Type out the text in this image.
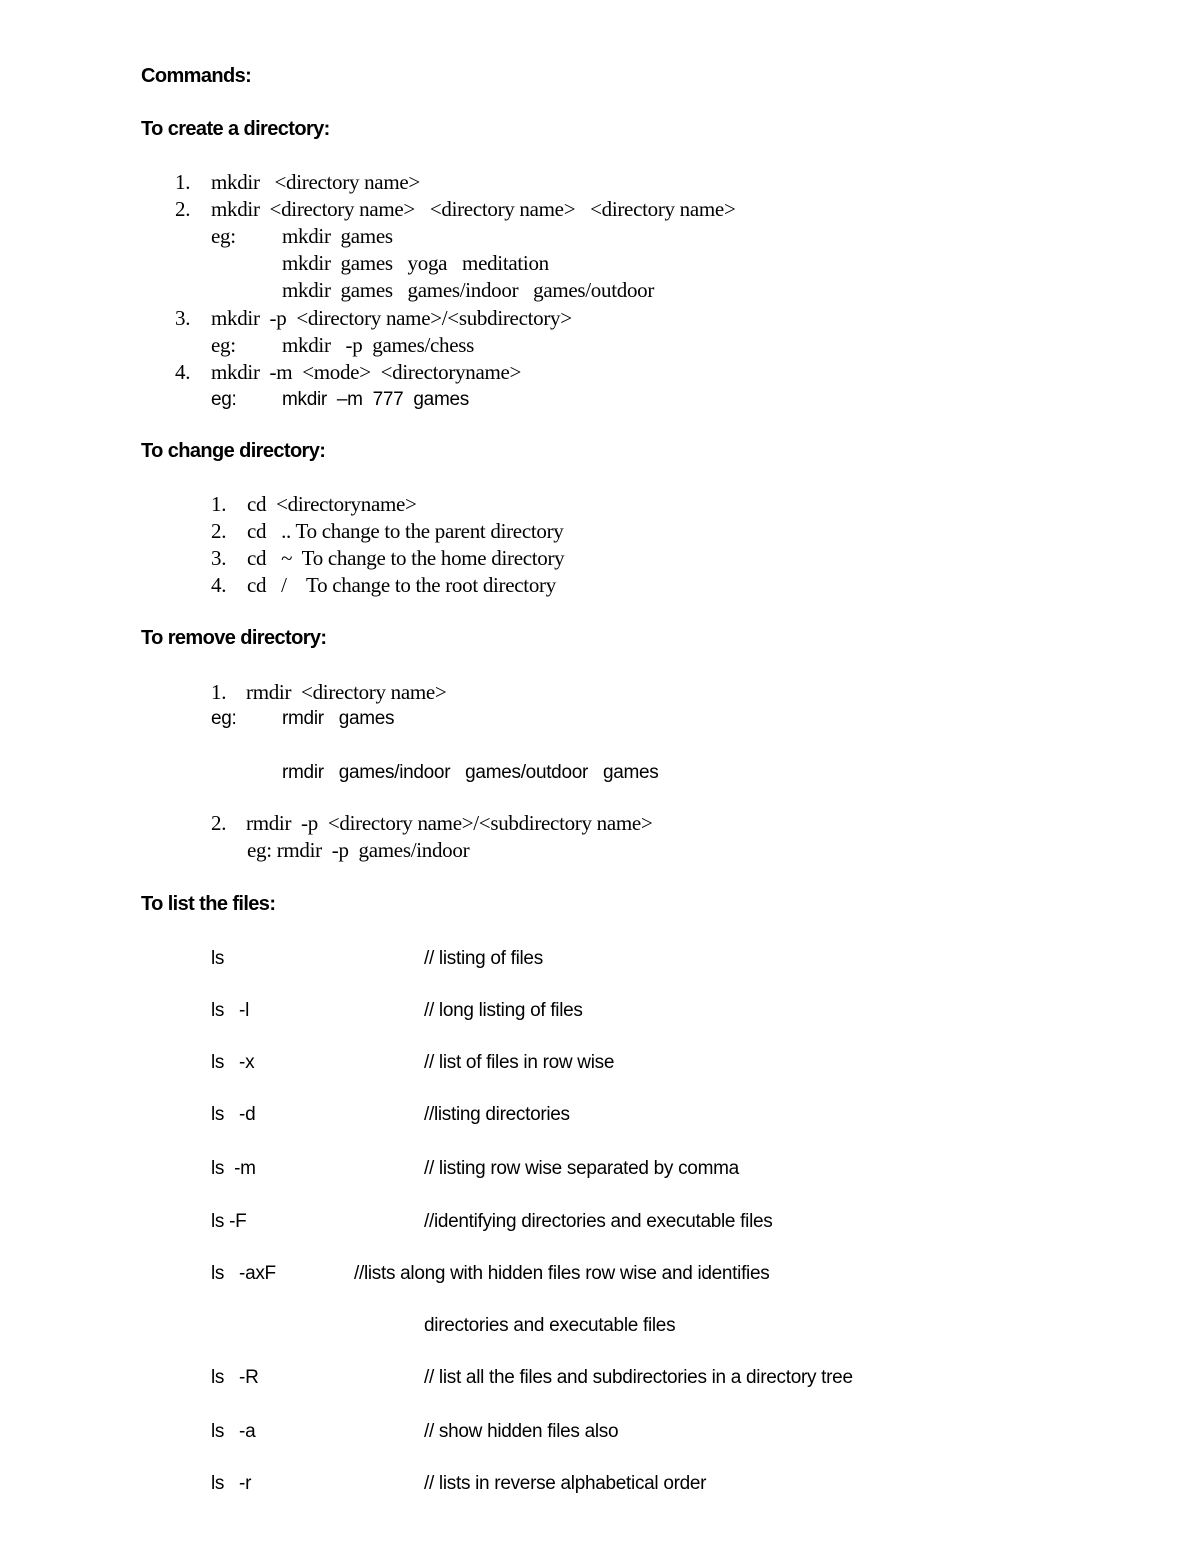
Commands:
To create a directory:
1. mkdir   <directory name>
2. mkdir  <directory name>   <directory name>   <directory name>
eg: mkdir  games
mkdir  games   yoga   meditation
mkdir  games   games/indoor   games/outdoor
3. mkdir  -p  <directory name>/<subdirectory>
eg: mkdir   -p  games/chess
4. mkdir  -m  <mode>  <directoryname>
eg: mkdir  –m  777  games
To change directory:
1. cd  <directoryname>
2. cd   .. To change to the parent directory
3. cd   ~  To change to the home directory
4. cd   /    To change to the root directory
To remove directory:
1. rmdir  <directory name>
eg: rmdir   games
rmdir   games/indoor   games/outdoor   games
2. rmdir  -p  <directory name>/<subdirectory name>
eg: rmdir  -p  games/indoor
To list the files:
ls	// listing of files
ls   -l	// long listing of files
ls   -x	// list of files in row wise
ls   -d	//listing directories
ls  -m	// listing row wise separated by comma
ls -F	//identifying directories and executable files
ls   -axF	//lists along with hidden files row wise and identifies
directories and executable files
ls   -R	// list all the files and subdirectories in a directory tree
ls   -a	// show hidden files also
ls   -r	// lists in reverse alphabetical order
